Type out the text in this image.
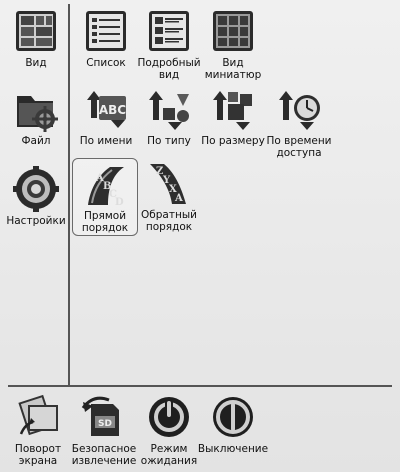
Вид
Файл
Настройки
Список Подробный
вид
Вид
миниатюр
ABC
По имени По типу По размеру По времени
доступа
A
B
C
D
Прямой
порядок
Z
Y
X
A
Обратный
порядок
Поворот
экрана
SD
Безопасное
извлечение
Режим
ожидания
Выключение
